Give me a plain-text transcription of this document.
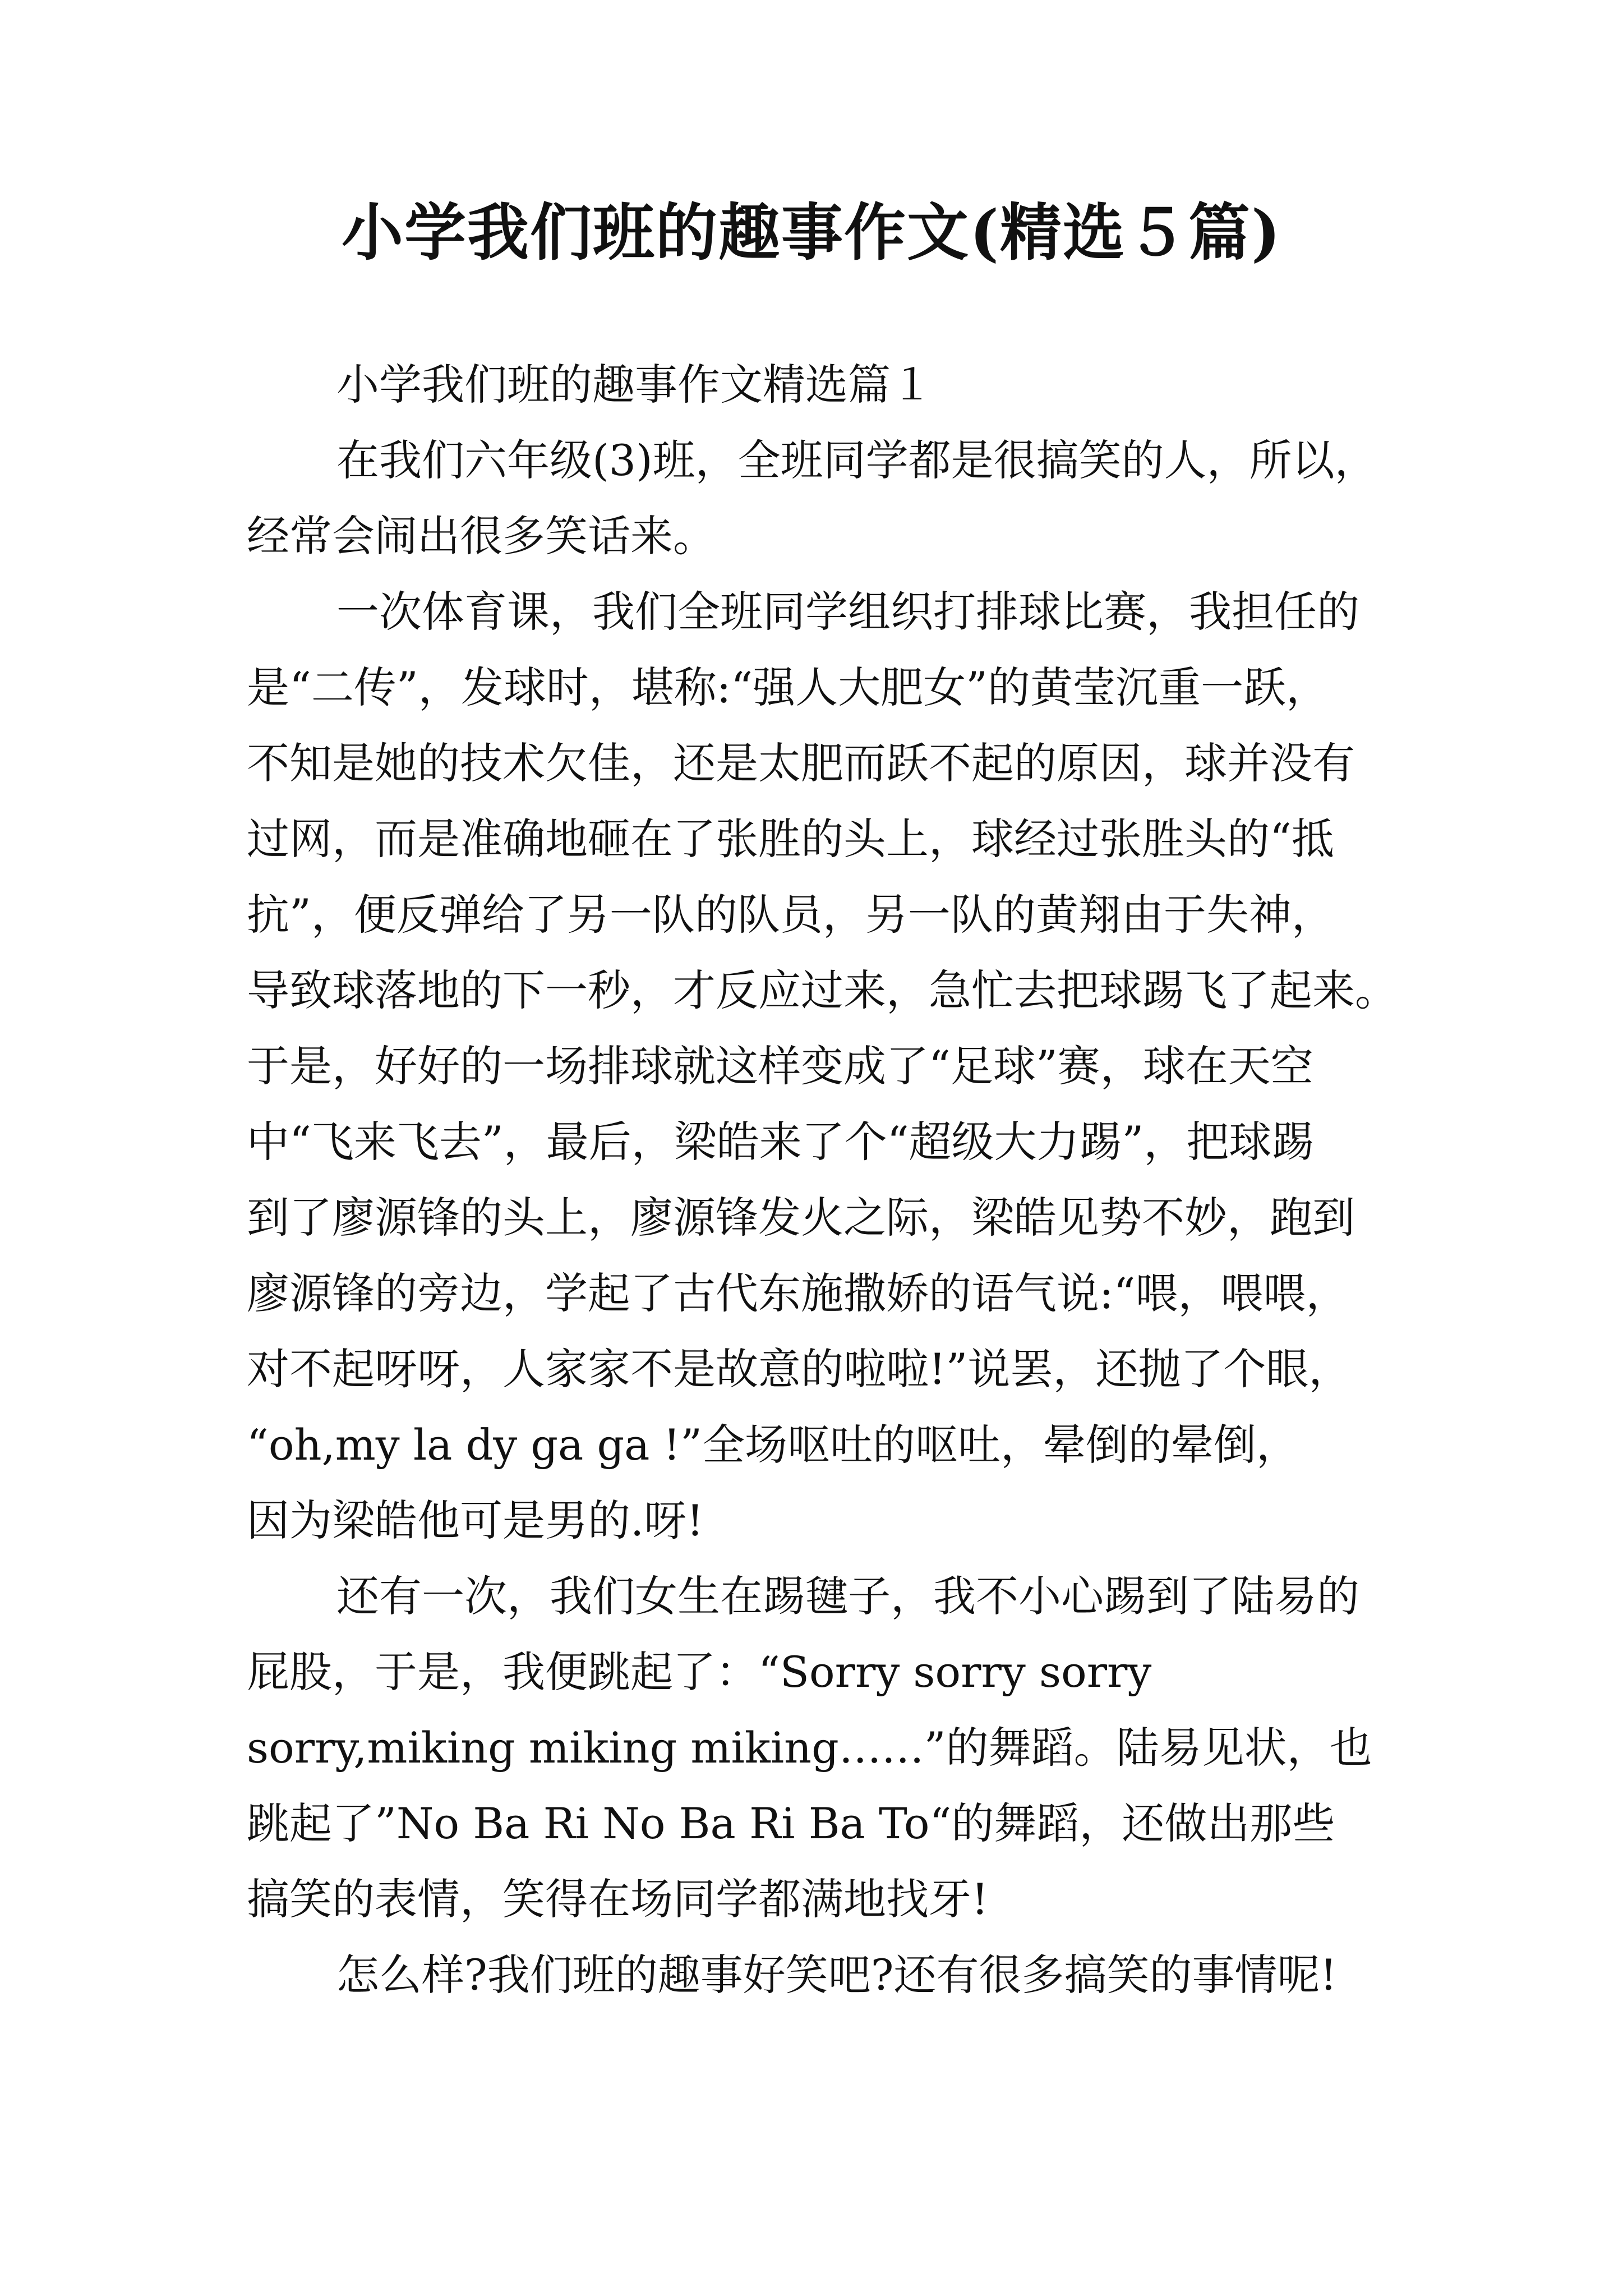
小学我们班的趣事作文(精选５篇)
小学我们班的趣事作文精选篇１
在我们六年级(3)班，全班同学都是很搞笑的人，所以，
经常会闹出很多笑话来。
一次体育课，我们全班同学组织打排球比赛，我担任的
是“二传”，发球时，堪称:“强人大肥女”的黄莹沉重一跃，
不知是她的技术欠佳，还是太肥而跃不起的原因，球并没有
过网，而是准确地砸在了张胜的头上，球经过张胜头的“抵
抗”，便反弹给了另一队的队员，另一队的黄翔由于失神，
导致球落地的下一秒，才反应过来，急忙去把球踢飞了起来。
于是，好好的一场排球就这样变成了“足球”赛，球在天空
中“飞来飞去”，最后，梁皓来了个“超级大力踢”，把球踢
到了廖源锋的头上，廖源锋发火之际，梁皓见势不妙，跑到
廖源锋的旁边，学起了古代东施撒娇的语气说:“喂，喂喂，
对不起呀呀，人家家不是故意的啦啦!”说罢，还抛了个眼，
“oh,my la dy ga ga !”全场呕吐的呕吐，晕倒的晕倒，
因为梁皓他可是男的.呀!
还有一次，我们女生在踢毽子，我不小心踢到了陆易的
屁股，于是，我便跳起了：“Sorry sorry sorry
sorry,miking miking miking……”的舞蹈。陆易见状，也
跳起了”No Ba Ri No Ba Ri Ba To“的舞蹈，还做出那些
搞笑的表情，笑得在场同学都满地找牙!
怎么样?我们班的趣事好笑吧?还有很多搞笑的事情呢!
